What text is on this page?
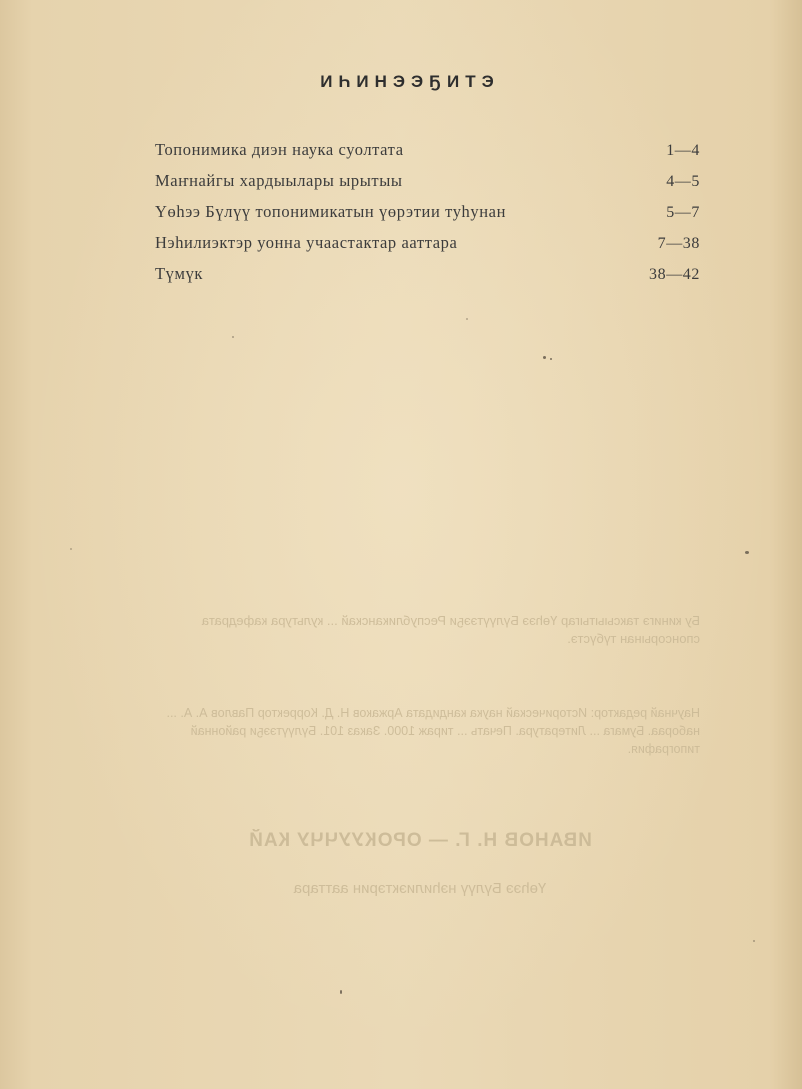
ИҺИНЭЭҔИТЭ
Топонимика диэн наука суолтата	1—4
Маҥнайгы хардыылары ырытыы	4—5
Үөһээ Бүлүү топонимикатын үөрэтии туһунан	5—7
Нэһилиэктэр уонна учаастактар ааттара	7—38
Түмүк	38—42
Бу кинигэ таксыытыгар Үөһээ Бүлүүтээҕи Республиканскай ... культура кафедрата спонсорынан түбүстэ.
Научнай редактор: Историческай наука кандидата Аржаков Н. Д. Корректор Павлов А. А. ... набораа. Бумага ... Литература. Печать ... тираж 1000. Заказ 101. Бүлүүтээҕи районнай типография.
ИВАНОВ Н. Г. — ОРОКУУЧЧУ КАЙ
Үөһээ Бүлүү нэһилиэктэрин ааттара
